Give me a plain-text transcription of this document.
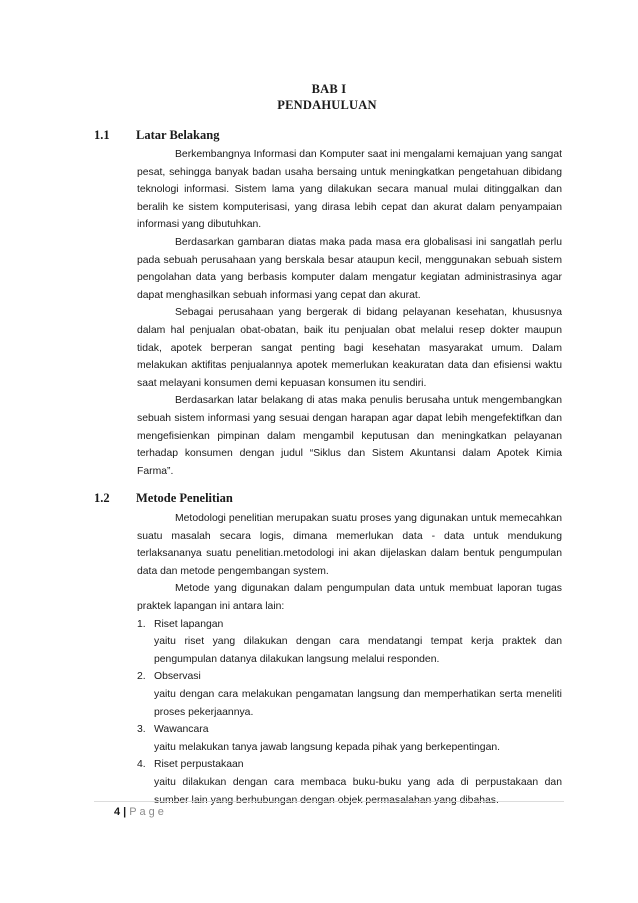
BAB I
PENDAHULUAN
1.1 Latar Belakang

Berkembangnya Informasi dan Komputer saat ini mengalami kemajuan yang sangat pesat, sehingga banyak badan usaha bersaing untuk meningkatkan pengetahuan dibidang teknologi informasi. Sistem lama yang dilakukan secara manual mulai ditinggalkan dan beralih ke sistem komputerisasi, yang dirasa lebih cepat dan akurat dalam penyampaian informasi yang dibutuhkan.

Berdasarkan gambaran diatas maka pada masa era globalisasi ini sangatlah perlu pada sebuah perusahaan yang berskala besar ataupun kecil, menggunakan sebuah sistem pengolahan data yang berbasis komputer dalam mengatur kegiatan administrasinya agar dapat menghasilkan sebuah informasi yang cepat dan akurat.

Sebagai perusahaan yang bergerak di bidang pelayanan kesehatan, khususnya dalam hal penjualan obat-obatan, baik itu penjualan obat melalui resep dokter maupun tidak, apotek berperan sangat penting bagi kesehatan masyarakat umum. Dalam melakukan aktifitas penjualannya apotek memerlukan keakuratan data dan efisiensi waktu saat melayani konsumen demi kepuasan konsumen itu sendiri.

Berdasarkan latar belakang di atas maka penulis berusaha untuk mengembangkan sebuah sistem informasi yang sesuai dengan harapan agar dapat lebih mengefektifkan dan mengefisienkan pimpinan dalam mengambil keputusan dan meningkatkan pelayanan terhadap konsumen dengan judul “Siklus dan Sistem Akuntansi dalam Apotek Kimia Farma”.

1.2 Metode Penelitian

Metodologi penelitian merupakan suatu proses yang digunakan untuk memecahkan suatu masalah secara logis, dimana memerlukan data - data untuk mendukung terlaksananya suatu penelitian.metodologi ini akan dijelaskan dalam bentuk pengumpulan data dan metode pengembangan system.

Metode yang digunakan dalam pengumpulan data untuk membuat laporan tugas praktek lapangan ini antara lain:

1. Riset lapangan
yaitu riset yang dilakukan dengan cara mendatangi tempat kerja praktek dan pengumpulan datanya dilakukan langsung melalui responden.
2. Observasi
yaitu dengan cara melakukan pengamatan langsung dan memperhatikan serta meneliti proses pekerjaannya.
3. Wawancara
yaitu melakukan tanya jawab langsung kepada pihak yang berkepentingan.
4. Riset perpustakaan
yaitu dilakukan dengan cara membaca buku-buku yang ada di perpustakaan dan sumber lain yang berhubungan dengan objek permasalahan yang dibahas.
4 | Page
